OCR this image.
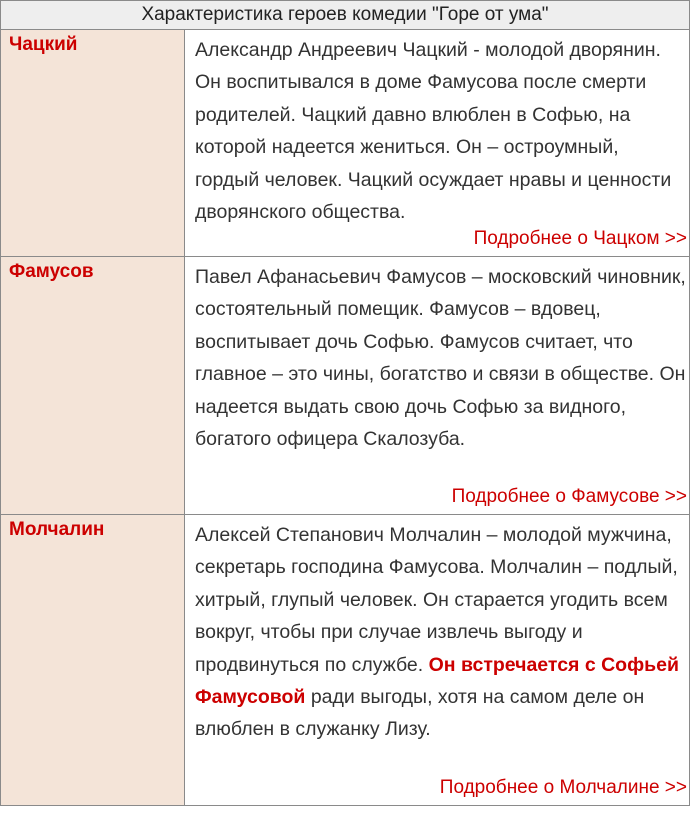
Характеристика героев комедии "Горе от ума"
Чацкий	Александр Андреевич Чацкий - молодой дворянин. Он воспитывался в доме Фамусова после смерти родителей. Чацкий давно влюблен в Софью, на которой надеется жениться. Он – остроумный, гордый человек. Чацкий осуждает нравы и ценности дворянского общества.
Подробнее о Чацком >>
Фамусов	Павел Афанасьевич Фамусов – московский чиновник, состоятельный помещик. Фамусов – вдовец, воспитывает дочь Софью. Фамусов считает, что главное – это чины, богатство и связи в обществе. Он надеется выдать свою дочь Софью за видного, богатого офицера Скалозуба.
Подробнее о Фамусове >>
Молчалин	Алексей Степанович Молчалин – молодой мужчина, секретарь господина Фамусова. Молчалин – подлый, хитрый, глупый человек. Он старается угодить всем вокруг, чтобы при случае извлечь выгоду и продвинуться по службе. Он встречается с Софьей Фамусовой ради выгоды, хотя на самом деле он влюблен в служанку Лизу.
Подробнее о Молчалине >>
